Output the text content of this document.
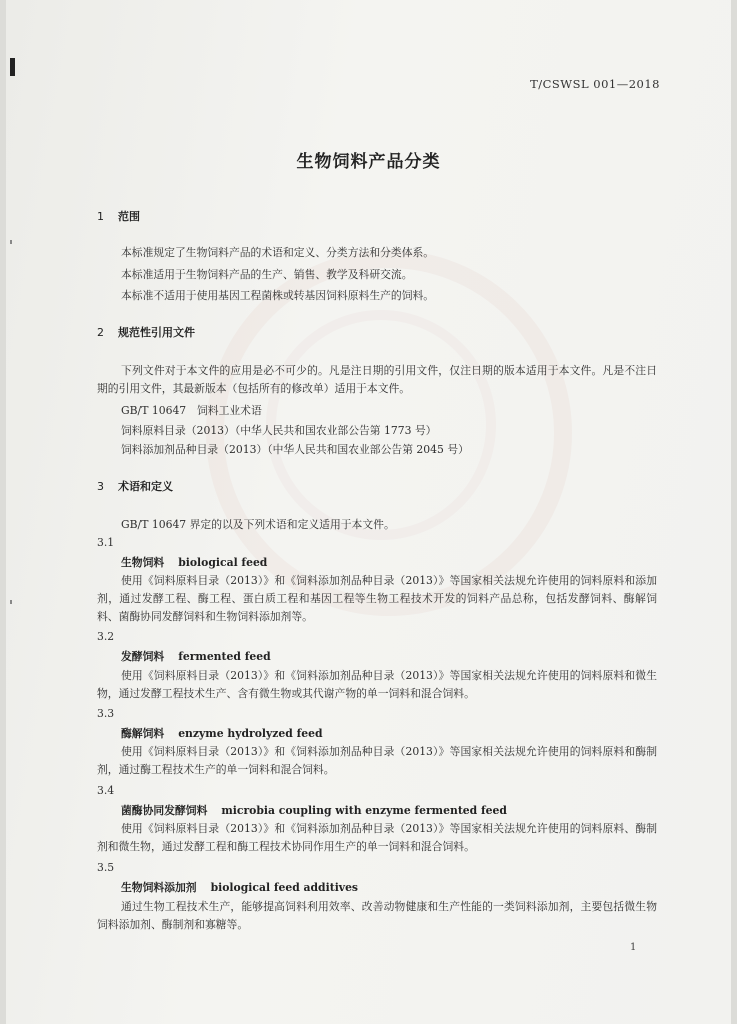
T/CSWSL 001—2018
生物饲料产品分类
1 范围
本标准规定了生物饲料产品的术语和定义、分类方法和分类体系。
本标准适用于生物饲料产品的生产、销售、教学及科研交流。
本标准不适用于使用基因工程菌株或转基因饲料原料生产的饲料。
2 规范性引用文件
下列文件对于本文件的应用是必不可少的。凡是注日期的引用文件，仅注日期的版本适用于本文件。凡是不注日期的引用文件，其最新版本（包括所有的修改单）适用于本文件。
GB/T 10647　饲料工业术语
饲料原料目录（2013）（中华人民共和国农业部公告第 1773 号）
饲料添加剂品种目录（2013）（中华人民共和国农业部公告第 2045 号）
3 术语和定义
GB/T 10647 界定的以及下列术语和定义适用于本文件。
3.1
生物饲料 biological feed
使用《饲料原料目录（2013）》和《饲料添加剂品种目录（2013）》等国家相关法规允许使用的饲料原料和添加剂，通过发酵工程、酶工程、蛋白质工程和基因工程等生物工程技术开发的饲料产品总称，包括发酵饲料、酶解饲料、菌酶协同发酵饲料和生物饲料添加剂等。
3.2
发酵饲料 fermented feed
使用《饲料原料目录（2013）》和《饲料添加剂品种目录（2013）》等国家相关法规允许使用的饲料原料和微生物，通过发酵工程技术生产、含有微生物或其代谢产物的单一饲料和混合饲料。
3.3
酶解饲料 enzyme hydrolyzed feed
使用《饲料原料目录（2013）》和《饲料添加剂品种目录（2013）》等国家相关法规允许使用的饲料原料和酶制剂，通过酶工程技术生产的单一饲料和混合饲料。
3.4
菌酶协同发酵饲料 microbia coupling with enzyme fermented feed
使用《饲料原料目录（2013）》和《饲料添加剂品种目录（2013）》等国家相关法规允许使用的饲料原料、酶制剂和微生物，通过发酵工程和酶工程技术协同作用生产的单一饲料和混合饲料。
3.5
生物饲料添加剂 biological feed additives
通过生物工程技术生产，能够提高饲料利用效率、改善动物健康和生产性能的一类饲料添加剂，主要包括微生物饲料添加剂、酶制剂和寡糖等。
1
